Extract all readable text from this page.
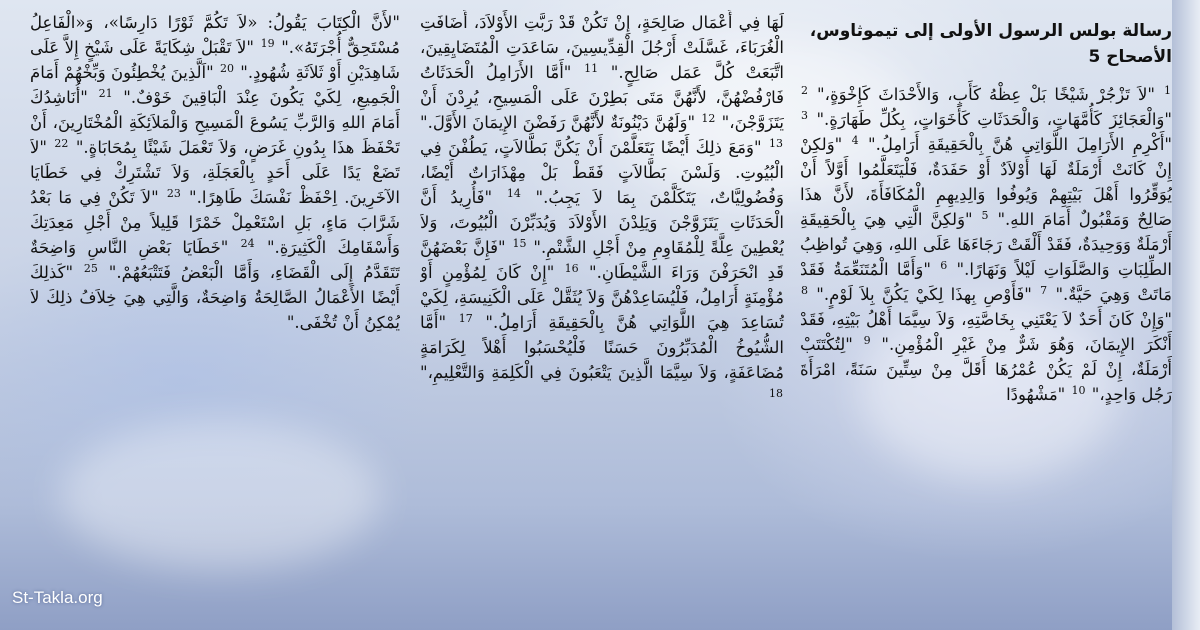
رسالة بولس الرسول الأولى إلى تيموثاوس،
الأصحاح 5

$^1$ "لاَ تَزْجُرْ شَيْخًا بَلْ عِظْهُ كَأَبٍ، وَالأَحْدَاثَ كَإِخْوَةٍ،" $^2$ "وَالْعَجَائِزَ كَأُمَّهَاتٍ، وَالْحَدَثَاتِ كَأَخَوَاتٍ، بِكُلِّ طَهَارَةٍ." $^3$ "أَكْرِمِ الأَرَامِلَ اللَّوَاتِي هُنَّ بِالْحَقِيقَةِ أَرَامِلُ." $^4$ "وَلكِنْ إِنْ كَانَتْ أَرْمَلَةٌ لَهَا أَوْلاَدٌ أَوْ حَفَدَةٌ، فَلْيَتَعَلَّمُوا أَوَّلاً أَنْ يُوَقِّرُوا أَهْلَ بَيْتِهِمْ وَيُوفُوا وَالِدِيهِمِ الْمُكَافَأَةَ، لأَنَّ هذَا صَالِحٌ وَمَقْبُولٌ أَمَامَ اللهِ." $^5$ "وَلكِنَّ الَّتِي هِيَ بِالْحَقِيقَةِ أَرْمَلَةٌ وَوَحِيدَةٌ، فَقَدْ أَلْقَتْ رَجَاءَهَا عَلَى اللهِ، وَهِيَ تُواظِبُ الطِّلِبَاتِ وَالصَّلَوَاتِ لَيْلاً وَنَهَارًا." $^6$ "وَأَمَّا الْمُتَنَعِّمَةُ فَقَدْ مَاتَتْ وَهِيَ حَيَّةٌ." $^7$ "فَأَوْصِ بِهذَا لِكَيْ يَكُنَّ بِلاَ لَوْمٍ." $^8$ "وَإِنْ كَانَ أَحَدٌ لاَ يَعْتَنِي بِخَاصَّتِهِ، وَلاَ سِيَّمَا أَهْلُ بَيْتِهِ، فَقَدْ أَنْكَرَ الإِيمَانَ، وَهُوَ شَرٌّ مِنْ غَيْرِ الْمُؤْمِنِ." $^9$ "لِتُكْتَتَبْ أَرْمَلَةٌ، إِنْ لَمْ يَكُنْ عُمْرُهَا أَقَلَّ مِنْ سِتِّينَ سَنَةً، امْرَأَةَ رَجُل وَاحِدٍ،" $^{10}$ "مَشْهُودًا

لَهَا فِي أَعْمَال صَالِحَةٍ، إِنْ تَكُنْ قَدْ رَبَّتِ الأَوْلاَدَ، أَضَافَتِ الْغُرَبَاءَ، غَسَّلَتْ أَرْجُلَ الْقِدِّيسِينَ، سَاعَدَتِ الْمُتَضَايِقِينَ، اتَّبَعَتْ كُلَّ عَمَل صَالِحٍ." $^{11}$ "أَمَّا الأَرَامِلُ الْحَدَثَاتُ فَارْفُضْهُنَّ، لأَنَّهُنَّ مَتَى بَطِرْنَ عَلَى الْمَسِيحِ، يُرِدْنَ أَنْ يَتَزَوَّجْنَ،" $^{12}$ "وَلَهُنَّ دَيْنُونَةٌ لأَنَّهُنَّ رَفَضْنَ الإِيمَانَ الأَوَّلَ." $^{13}$ "وَمَعَ ذلِكَ أَيْضًا يَتَعَلَّمْنَ أَنْ يَكُنَّ بَطَّالاَتٍ، يَطُفْنَ فِي الْبُيُوتِ. وَلَسْنَ بَطَّالاَتٍ فَقَطْ بَلْ مِهْذَارَاتٌ أَيْضًا، وَفُضُولِيَّاتٌ، يَتَكَلَّمْنَ بِمَا لاَ يَجِبُ." $^{14}$ "فَأُرِيدُ أَنَّ الْحَدَثَاتِ يَتَزَوَّجْنَ وَيَلِدْنَ الأَوْلاَدَ وَيُدَبِّرْنَ الْبُيُوتَ، وَلاَ يُعْطِينَ عِلَّةً لِلْمُقَاوِمِ مِنْ أَجْلِ الشَّتْمِ." $^{15}$ "فَإِنَّ بَعْضَهُنَّ قَدِ انْحَرَفْنَ وَرَاءَ الشَّيْطَانِ." $^{16}$ "إِنْ كَانَ لِمُؤْمِنٍ أَوْ مُؤْمِنَةٍ أَرَامِلُ، فَلْيُسَاعِدْهُنَّ وَلاَ يُثَقَّلْ عَلَى الْكَنِيسَةِ، لِكَيْ تُسَاعِدَ هِيَ اللَّوَاتِي هُنَّ بِالْحَقِيقَةِ أَرَامِلُ." $^{17}$ "أَمَّا الشُّيُوخُ الْمُدَبِّرُونَ حَسَنًا فَلْيُحْسَبُوا أَهْلاً لِكَرَامَةٍ مُضَاعَفَةٍ، وَلاَ سِيَّمَا الَّذِينَ يَتْعَبُونَ فِي الْكَلِمَةِ وَالتَّعْلِيمِ،" $^{18}$

"لأَنَّ الْكِتَابَ يَقُولُ: «لاَ تَكُمَّ ثَوْرًا دَارِسًا»، وَ«الْفَاعِلُ مُسْتَحِقٌّ أُجْرَتَهُ»." $^{19}$ "لاَ تَقْبَلْ شِكَايَةً عَلَى شَيْخٍ إِلاَّ عَلَى شَاهِدَيْنِ أَوْ ثَلاَثَةِ شُهُودٍ." $^{20}$ "اَلَّذِينَ يُخْطِئُونَ وَبِّخْهُمْ أَمَامَ الْجَمِيعِ، لِكَيْ يَكُونَ عِنْدَ الْبَاقِينَ خَوْفٌ." $^{21}$ "أُنَاشِدُكَ أَمَامَ اللهِ وَالرَّبِّ يَسُوعَ الْمَسِيحِ وَالْمَلاَئِكَةِ الْمُخْتَارِينَ، أَنْ تَحْفَظَ هذَا بِدُونِ غَرَضٍ، وَلاَ تَعْمَلَ شَيْئًا بِمُحَابَاةٍ." $^{22}$ "لاَ تَضَعْ يَدًا عَلَى أَحَدٍ بِالْعَجَلَةِ، وَلاَ تَشْتَرِكْ فِي خَطَايَا الآخَرِينَ. اِحْفَظْ نَفْسَكَ طَاهِرًا." $^{23}$ "لاَ تَكُنْ فِي مَا بَعْدُ شَرَّابَ مَاءٍ، بَلِ اسْتَعْمِلْ خَمْرًا قَلِيلاً مِنْ أَجْلِ مَعِدَتِكَ وَأَسْقَامِكَ الْكَثِيرَةِ." $^{24}$ "خَطَايَا بَعْضِ النَّاسِ وَاضِحَةٌ تَتَقَدَّمُ إِلَى الْقَضَاءِ، وَأَمَّا الْبَعْضُ فَتَتْبَعُهُمْ." $^{25}$ "كَذلِكَ أَيْضًا الأَعْمَالُ الصَّالِحَةُ وَاضِحَةٌ، وَالَّتِي هِيَ خِلاَفُ ذلِكَ لاَ يُمْكِنُ أَنْ تُخْفَى."

St-Takla.org
